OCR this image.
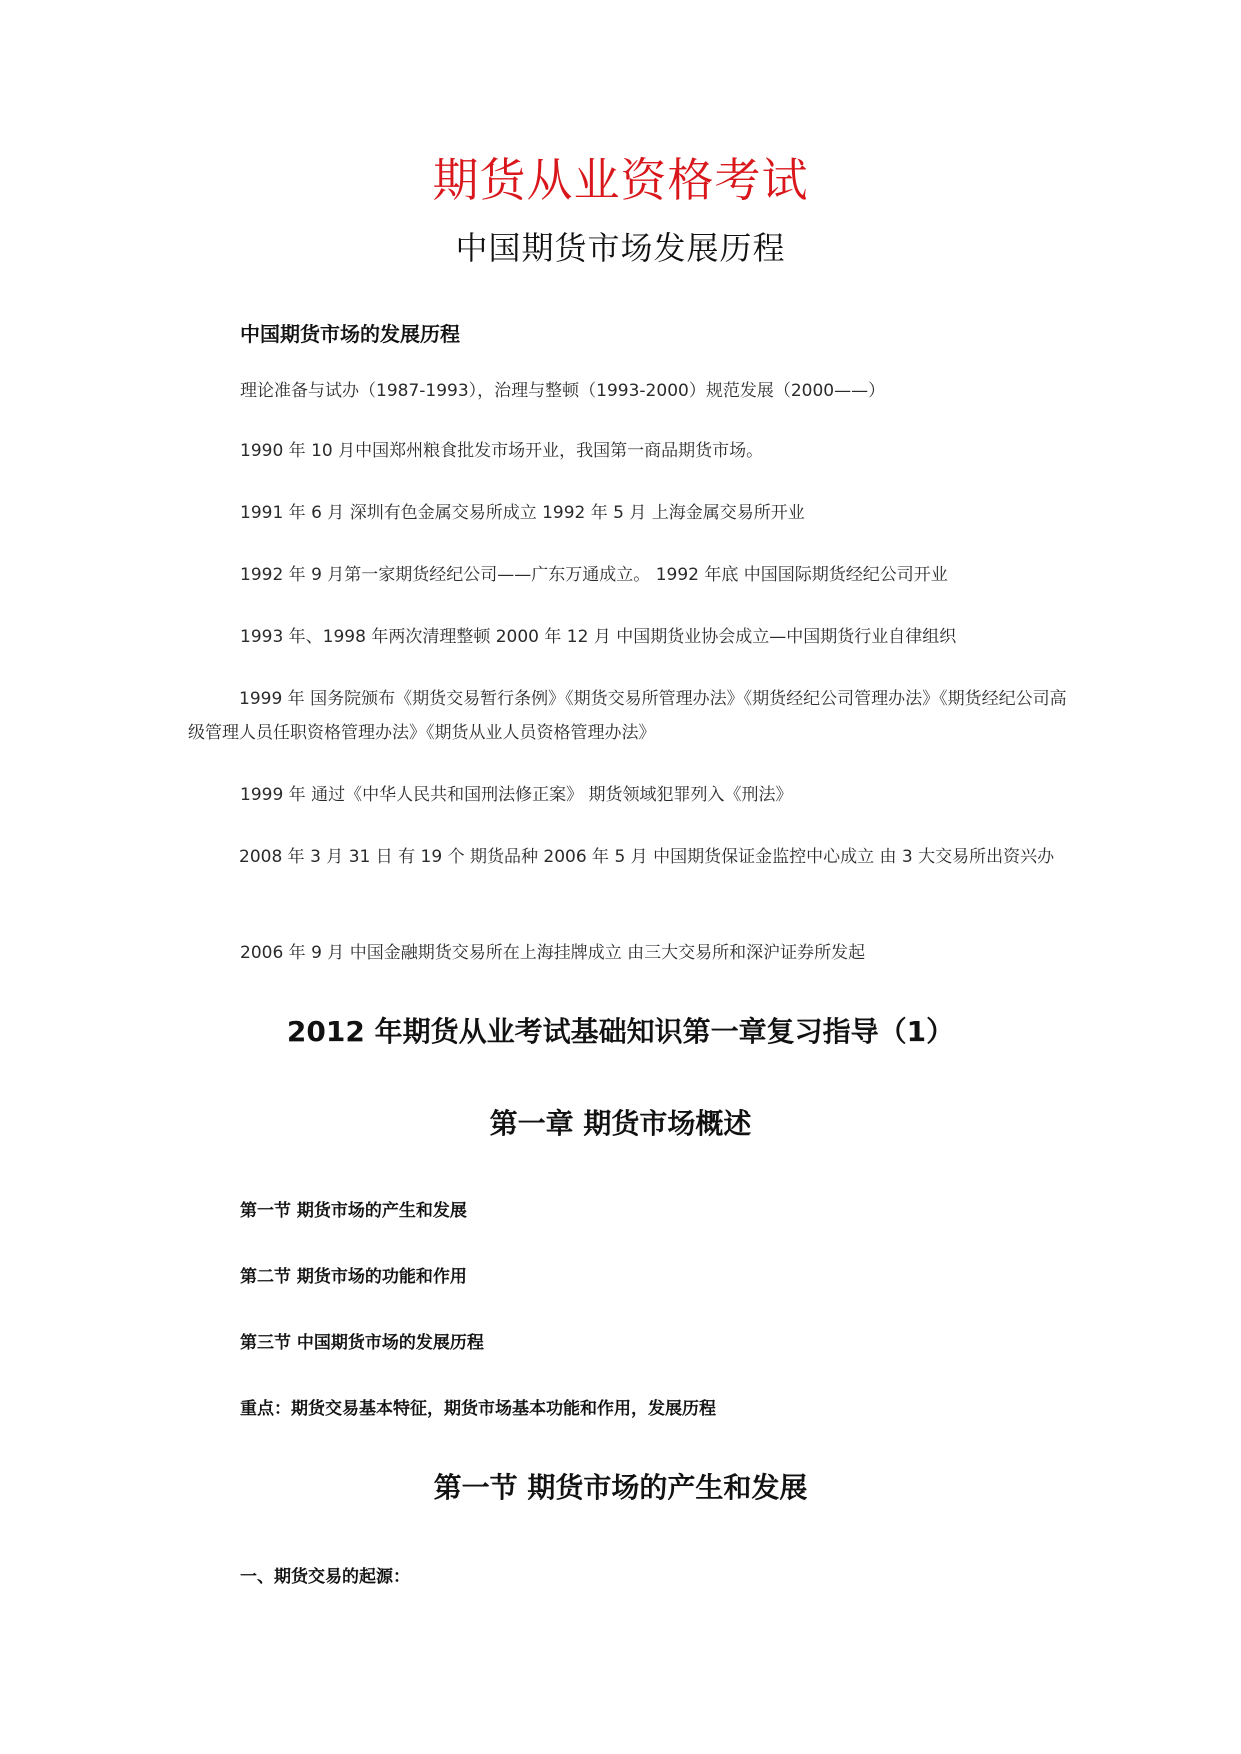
期货从业资格考试
中国期货市场发展历程
中国期货市场的发展历程
理论准备与试办（1987-1993），治理与整顿（1993-2000）规范发展（2000——）
1990 年 10 月中国郑州粮食批发市场开业，我国第一商品期货市场。
1991 年 6 月 深圳有色金属交易所成立 1992 年 5 月 上海金属交易所开业
1992 年 9 月第一家期货经纪公司——广东万通成立。 1992 年底 中国国际期货经纪公司开业
1993 年、1998 年两次清理整顿 2000 年 12 月 中国期货业协会成立—中国期货行业自律组织
1999 年 国务院颁布《期货交易暂行条例》《期货交易所管理办法》《期货经纪公司管理办法》《期货经纪公司高级管理人员任职资格管理办法》《期货从业人员资格管理办法》
1999 年 通过《中华人民共和国刑法修正案》 期货领域犯罪列入《刑法》
2008 年 3 月 31 日 有 19 个 期货品种 2006 年 5 月 中国期货保证金监控中心成立 由 3 大交易所出资兴办
2006 年 9 月 中国金融期货交易所在上海挂牌成立 由三大交易所和深沪证券所发起
2012 年期货从业考试基础知识第一章复习指导（1）
第一章 期货市场概述
第一节 期货市场的产生和发展
第二节 期货市场的功能和作用
第三节 中国期货市场的发展历程
重点：期货交易基本特征，期货市场基本功能和作用，发展历程
第一节 期货市场的产生和发展
一、期货交易的起源：
